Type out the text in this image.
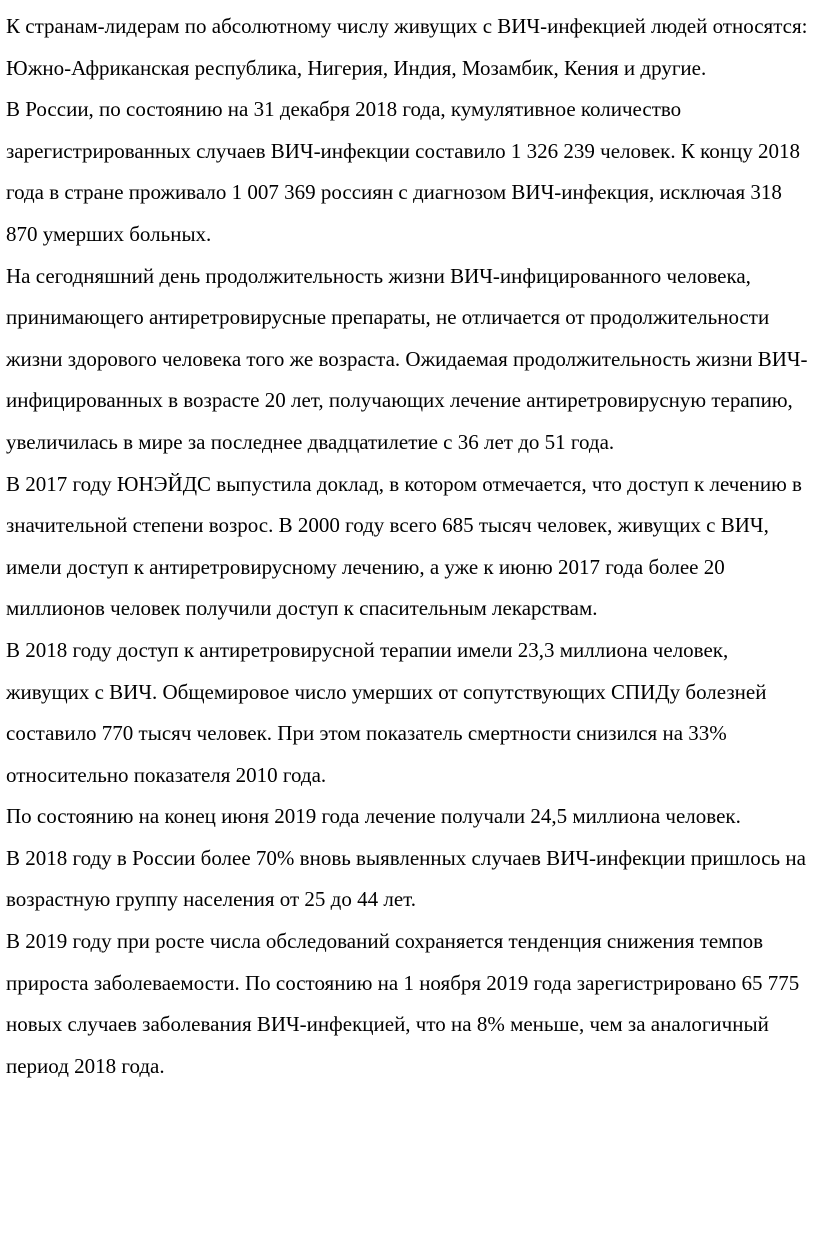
К странам-лидерам по абсолютному числу живущих с ВИЧ-инфекцией людей относятся: Южно-Африканская республика, Нигерия, Индия, Мозамбик, Кения и другие.

В России, по состоянию на 31 декабря 2018 года, кумулятивное количество зарегистрированных случаев ВИЧ-инфекции составило 1 326 239 человек. К концу 2018 года в стране проживало 1 007 369 россиян с диагнозом ВИЧ-инфекция, исключая 318 870 умерших больных.

На сегодняшний день продолжительность жизни ВИЧ-инфицированного человека, принимающего антиретровирусные препараты, не отличается от продолжительности жизни здорового человека того же возраста. Ожидаемая продолжительность жизни ВИЧ-инфицированных в возрасте 20 лет, получающих лечение антиретровирусную терапию, увеличилась в мире за последнее двадцатилетие с 36 лет до 51 года.

В 2017 году ЮНЭЙДС выпустила доклад, в котором отмечается, что доступ к лечению в значительной степени возрос. В 2000 году всего 685 тысяч человек, живущих с ВИЧ, имели доступ к антиретровирусному лечению, а уже к июню 2017 года более 20 миллионов человек получили доступ к спасительным лекарствам.

В 2018 году доступ к антиретровирусной терапии имели 23,3 миллиона человек, живущих с ВИЧ. Общемировое число умерших от сопутствующих СПИДу болезней составило 770 тысяч человек. При этом показатель смертности снизился на 33% относительно показателя 2010 года.

По состоянию на конец июня 2019 года лечение получали 24,5 миллиона человек.

В 2018 году в России более 70% вновь выявленных случаев ВИЧ-инфекции пришлось на возрастную группу населения от 25 до 44 лет.

В 2019 году при росте числа обследований сохраняется тенденция снижения темпов прироста заболеваемости. По состоянию на 1 ноября 2019 года зарегистрировано 65 775 новых случаев заболевания ВИЧ-инфекцией, что на 8% меньше, чем за аналогичный период 2018 года.
